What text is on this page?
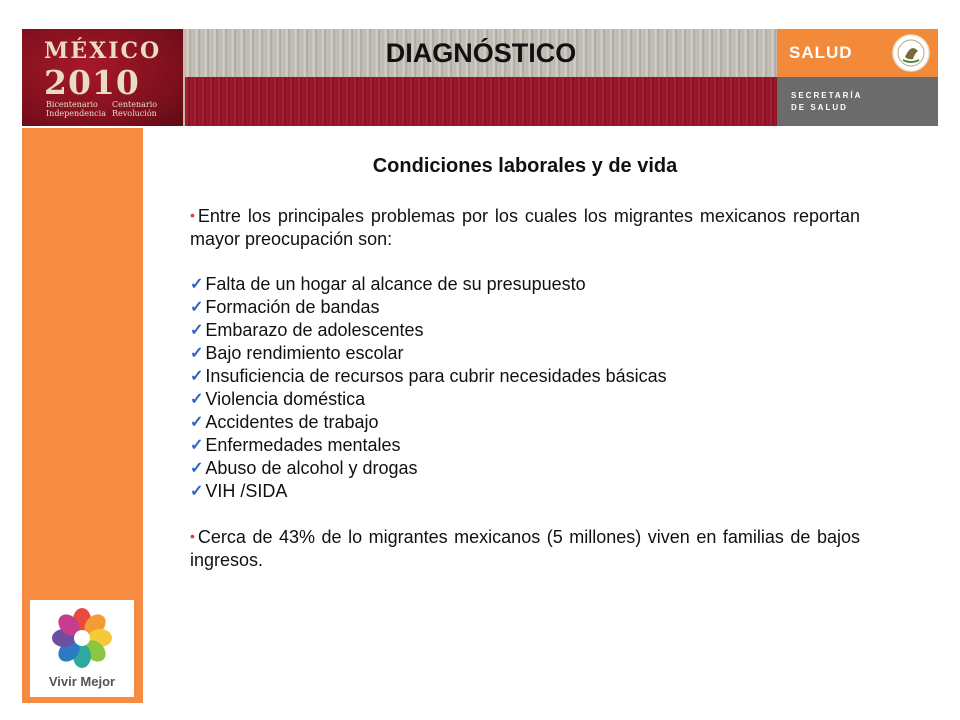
MÉXICO
2010
Bicentenario Independencia
Centenario Revolución
DIAGNÓSTICO	SALUD
SECRETARÍA
DE SALUD
Vivir Mejor
Condiciones laborales y de vida

• Entre los principales problemas por los cuales los migrantes mexicanos reportan mayor preocupación son:

✓ Falta de un hogar al alcance de su presupuesto
✓ Formación de bandas
✓ Embarazo de adolescentes
✓ Bajo rendimiento escolar
✓ Insuficiencia de recursos para cubrir necesidades básicas
✓ Violencia doméstica
✓ Accidentes de trabajo
✓ Enfermedades mentales
✓ Abuso de alcohol y drogas
✓ VIH /SIDA

• Cerca de 43% de lo migrantes mexicanos (5 millones) viven en familias de bajos ingresos.
